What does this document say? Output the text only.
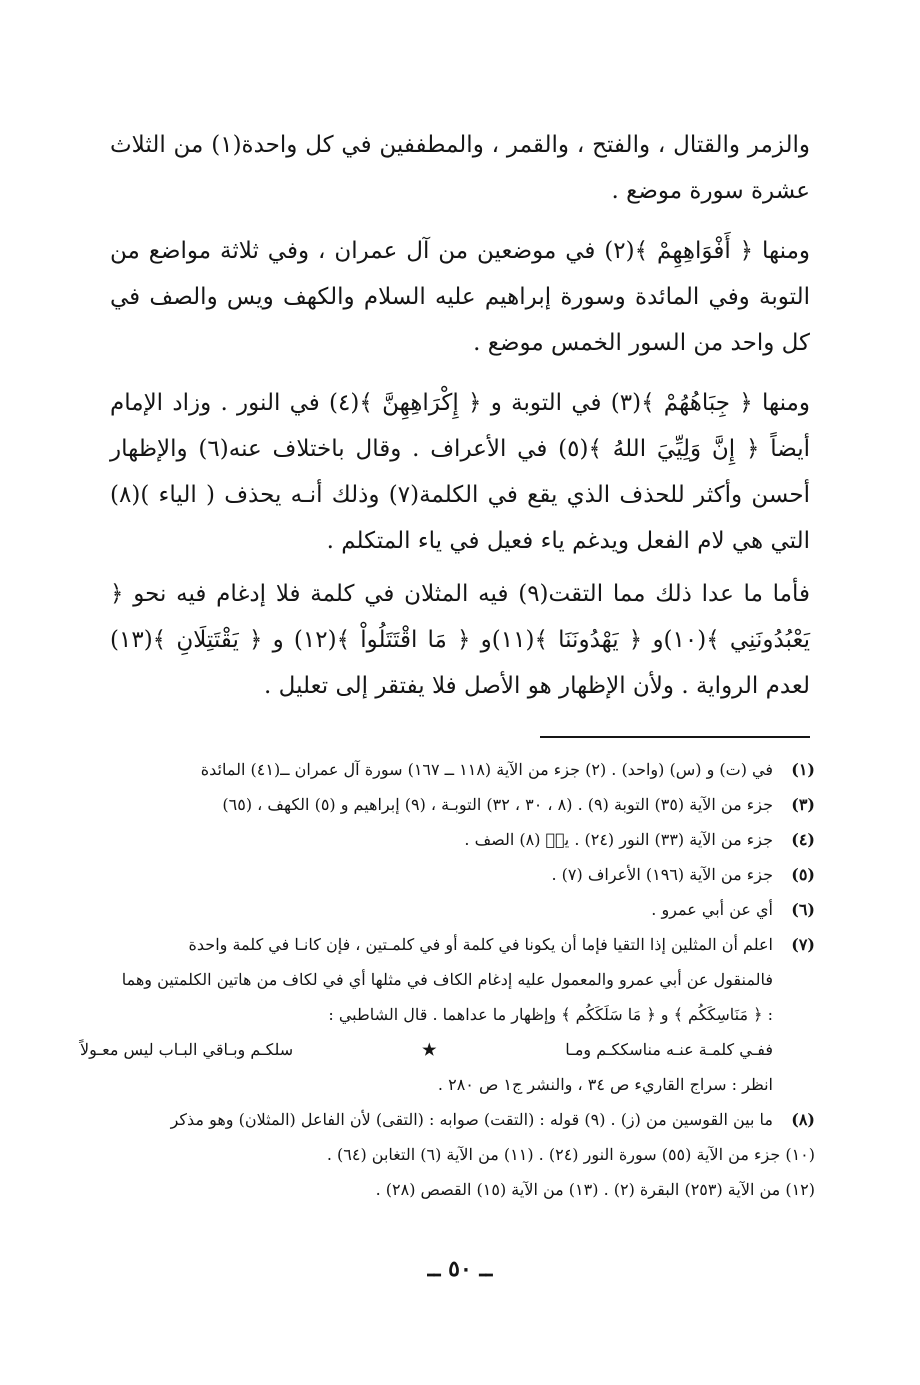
والزمر والقتال ، والفتح ، والقمر ، والمطففين في كل واحدة(١) من الثلاث عشرة سورة موضع .

ومنها ﴿ أَفْوَاهِهِمْ ﴾(٢) في موضعين من آل عمران ، وفي ثلاثة مواضع من التوبة وفي المائدة وسورة إبراهيم عليه السلام والكهف ويس والصف في كل واحد من السور الخمس موضع .

ومنها ﴿ جِبَاهُهُمْ ﴾(٣) في التوبة و ﴿ إِكْرَاهِهِنَّ ﴾(٤) في النور . وزاد الإمام أيضاً ﴿ إِنَّ وَلِيِّيَ اللهُ ﴾(٥) في الأعراف . وقال باختلاف عنه(٦) والإظهار أحسن وأكثر للحذف الذي يقع في الكلمة(٧) وذلك أنـه يحذف ( الياء )(٨) التي هي لام الفعل ويدغم ياء فعيل في ياء المتكلم .

فأما ما عدا ذلك مما التقت(٩) فيه المثلان في كلمة فلا إدغام فيه نحو ﴿ يَعْبُدُونَنِي ﴾(١٠)و ﴿ يَهْدُونَنَا ﴾(١١)و ﴿ مَا اقْتَتَلُواْ ﴾(١٢) و ﴿ يَقْتَتِلَانِ ﴾(١٣) لعدم الرواية . ولأن الإظهار هو الأصل فلا يفتقر إلى تعليل .

(١)
في (ت) و (س) (واحد) . (٢) جزء من الآية (١١٨ ــ ١٦٧) سورة آل عمران ــ(٤١) المائدة
(٣)
جزء من الآية (٣٥) التوبة (٩) . (٨ ، ٣٠ ، ٣٢) التوبـة ، (٩) إبراهيم و (٥) الكهف ، (٦٥)
(٤)
جزء من الآية (٣٣) النور (٢٤) . يسۤ (٨) الصف .
(٥)
جزء من الآية (١٩٦) الأعراف (٧) .
(٦)
أي عن أبي عمرو .
(٧)
اعلم أن المثلين إذا التقيا فإما أن يكونا في كلمة أو في كلمـتين ، فإن كانـا في كلمة واحدة

فالمنقول عن أبي عمرو والمعمول عليه إدغام الكاف في مثلها أي في لكاف من هاتين الكلمتين وهما

: ﴿ مَنَاسِكَكُم ﴾ و ﴿ مَا سَلَكَكُم ﴾ وإظهار ما عداهما . قال الشاطبي :

ففـي كلمـة عنـه مناسككـم ومـا
★
سلكـم وبـاقي البـاب ليس معـولاً

انظر : سراج القاريء ص ٣٤ ، والنشر ج١ ص ٢٨٠ .

(٨)
ما بين القوسين من (ز) . (٩) قوله : (التقت) صوابه : (التقى) لأن الفاعل (المثلان) وهو مذكر

(١٠) جزء من الآية (٥٥) سورة النور (٢٤) . (١١) من الآية (٦) التغابن (٦٤) .

(١٢) من الآية (٢٥٣) البقرة (٢) . (١٣) من الآية (١٥) القصص (٢٨) .

ــ ٥٠ ــ
